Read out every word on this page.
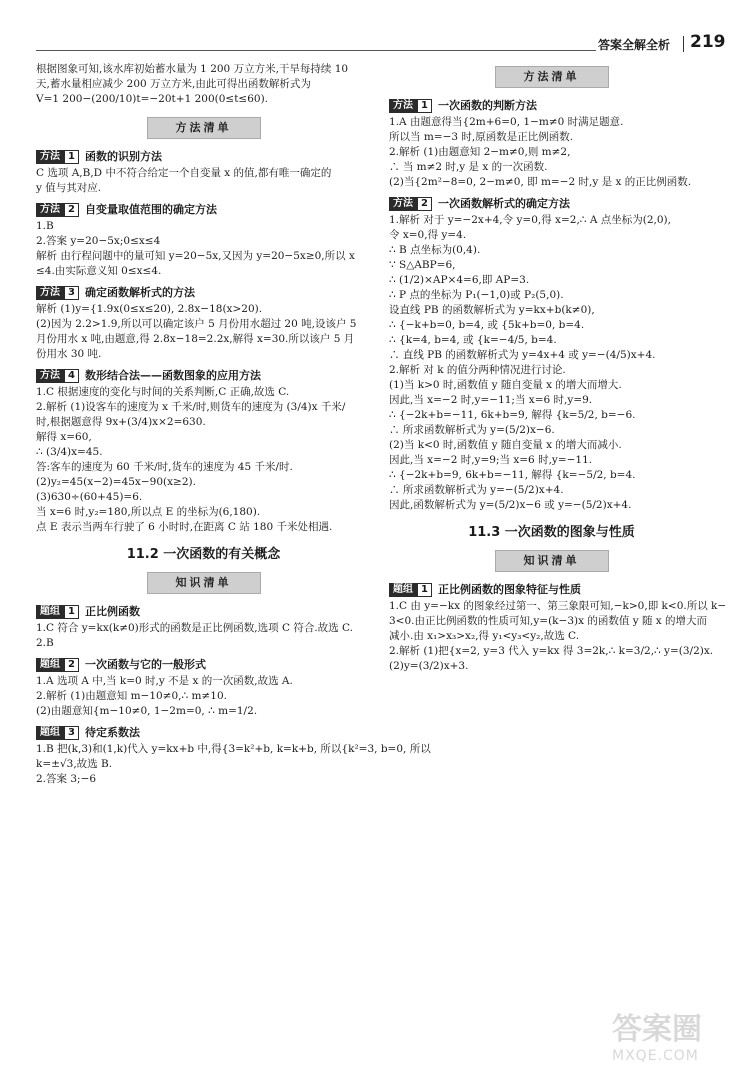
答案全解全析 219
根据图象可知,该水库初始蓄水量为 1 200 万立方米,干旱每持续 10
天,蓄水量相应减少 200 万立方米,由此可得出函数解析式为
V=1 200−(200/10)t=−20t+1 200(0≤t≤60).
方法清单
方法 1 函数的识别方法
C 选项 A,B,D 中不符合给定一个自变量 x 的值,都有唯一确定的
y 值与其对应.
方法 2 自变量取值范围的确定方法
1.B
2.答案 y=20−5x;0≤x≤4
解析 由行程问题中的量可知 y=20−5x,又因为 y=20−5x≥0,所以 x
≤4.由实际意义知 0≤x≤4.
方法 3 确定函数解析式的方法
解析 (1)y={1.9x(0≤x≤20), 2.8x−18(x>20).
(2)因为 2.2>1.9,所以可以确定该户 5 月份用水超过 20 吨,设该户 5
月份用水 x 吨,由题意,得 2.8x−18=2.2x,解得 x=30.所以该户 5 月
份用水 30 吨.
方法 4 数形结合法——函数图象的应用方法
1.C 根据速度的变化与时间的关系判断,C 正确,故选 C.
2.解析 (1)设客车的速度为 x 千米/时,则货车的速度为 (3/4)x 千米/
时,根据题意得 9x+(3/4)x×2=630.
解得 x=60,
∴ (3/4)x=45.
答:客车的速度为 60 千米/时,货车的速度为 45 千米/时.
(2)y₂=45(x−2)=45x−90(x≥2).
(3)630÷(60+45)=6.
当 x=6 时,y₂=180,所以点 E 的坐标为(6,180).
点 E 表示当两车行驶了 6 小时时,在距离 C 站 180 千米处相遇.
11.2 一次函数的有关概念
知识清单
题组 1 正比例函数
1.C 符合 y=kx(k≠0)形式的函数是正比例函数,选项 C 符合.故选 C.
2.B
题组 2 一次函数与它的一般形式
1.A 选项 A 中,当 k=0 时,y 不是 x 的一次函数,故选 A.
2.解析 (1)由题意知 m−10≠0,∴ m≠10.
(2)由题意知{m−10≠0, 1−2m=0, ∴ m=1/2.
题组 3 待定系数法
1.B 把(k,3)和(1,k)代入 y=kx+b 中,得{3=k²+b, k=k+b, 所以{k²=3, b=0, 所以
k=±√3,故选 B.
2.答案 3;−6
方法清单
方法 1 一次函数的判断方法
1.A 由题意得当{2m+6=0, 1−m≠0 时满足题意.
所以当 m=−3 时,原函数是正比例函数.
2.解析 (1)由题意知 2−m≠0,则 m≠2,
∴ 当 m≠2 时,y 是 x 的一次函数.
(2)当{2m²−8=0, 2−m≠0, 即 m=−2 时,y 是 x 的正比例函数.
方法 2 一次函数解析式的确定方法
1.解析 对于 y=−2x+4,令 y=0,得 x=2,∴ A 点坐标为(2,0),
令 x=0,得 y=4.
∴ B 点坐标为(0,4).
∵ S△ABP=6,
∴ (1/2)×AP×4=6,即 AP=3.
∴ P 点的坐标为 P₁(−1,0)或 P₂(5,0).
设直线 PB 的函数解析式为 y=kx+b(k≠0),
∴ {−k+b=0, b=4, 或 {5k+b=0, b=4.
∴ {k=4, b=4, 或 {k=−4/5, b=4.
∴ 直线 PB 的函数解析式为 y=4x+4 或 y=−(4/5)x+4.
2.解析 对 k 的值分两种情况进行讨论.
(1)当 k>0 时,函数值 y 随自变量 x 的增大而增大.
因此,当 x=−2 时,y=−11;当 x=6 时,y=9.
∴ {−2k+b=−11, 6k+b=9, 解得 {k=5/2, b=−6.
∴ 所求函数解析式为 y=(5/2)x−6.
(2)当 k<0 时,函数值 y 随自变量 x 的增大而减小.
因此,当 x=−2 时,y=9;当 x=6 时,y=−11.
∴ {−2k+b=9, 6k+b=−11, 解得 {k=−5/2, b=4.
∴ 所求函数解析式为 y=−(5/2)x+4.
因此,函数解析式为 y=(5/2)x−6 或 y=−(5/2)x+4.
11.3 一次函数的图象与性质
知识清单
题组 1 正比例函数的图象特征与性质
1.C 由 y=−kx 的图象经过第一、第三象限可知,−k>0,即 k<0.所以 k−
3<0.由正比例函数的性质可知,y=(k−3)x 的函数值 y 随 x 的增大而
减小.由 x₁>x₃>x₂,得 y₁<y₃<y₂,故选 C.
2.解析 (1)把{x=2, y=3 代入 y=kx 得 3=2k,∴ k=3/2,∴ y=(3/2)x.
(2)y=(3/2)x+3.
答案圈
MXQE.COM
